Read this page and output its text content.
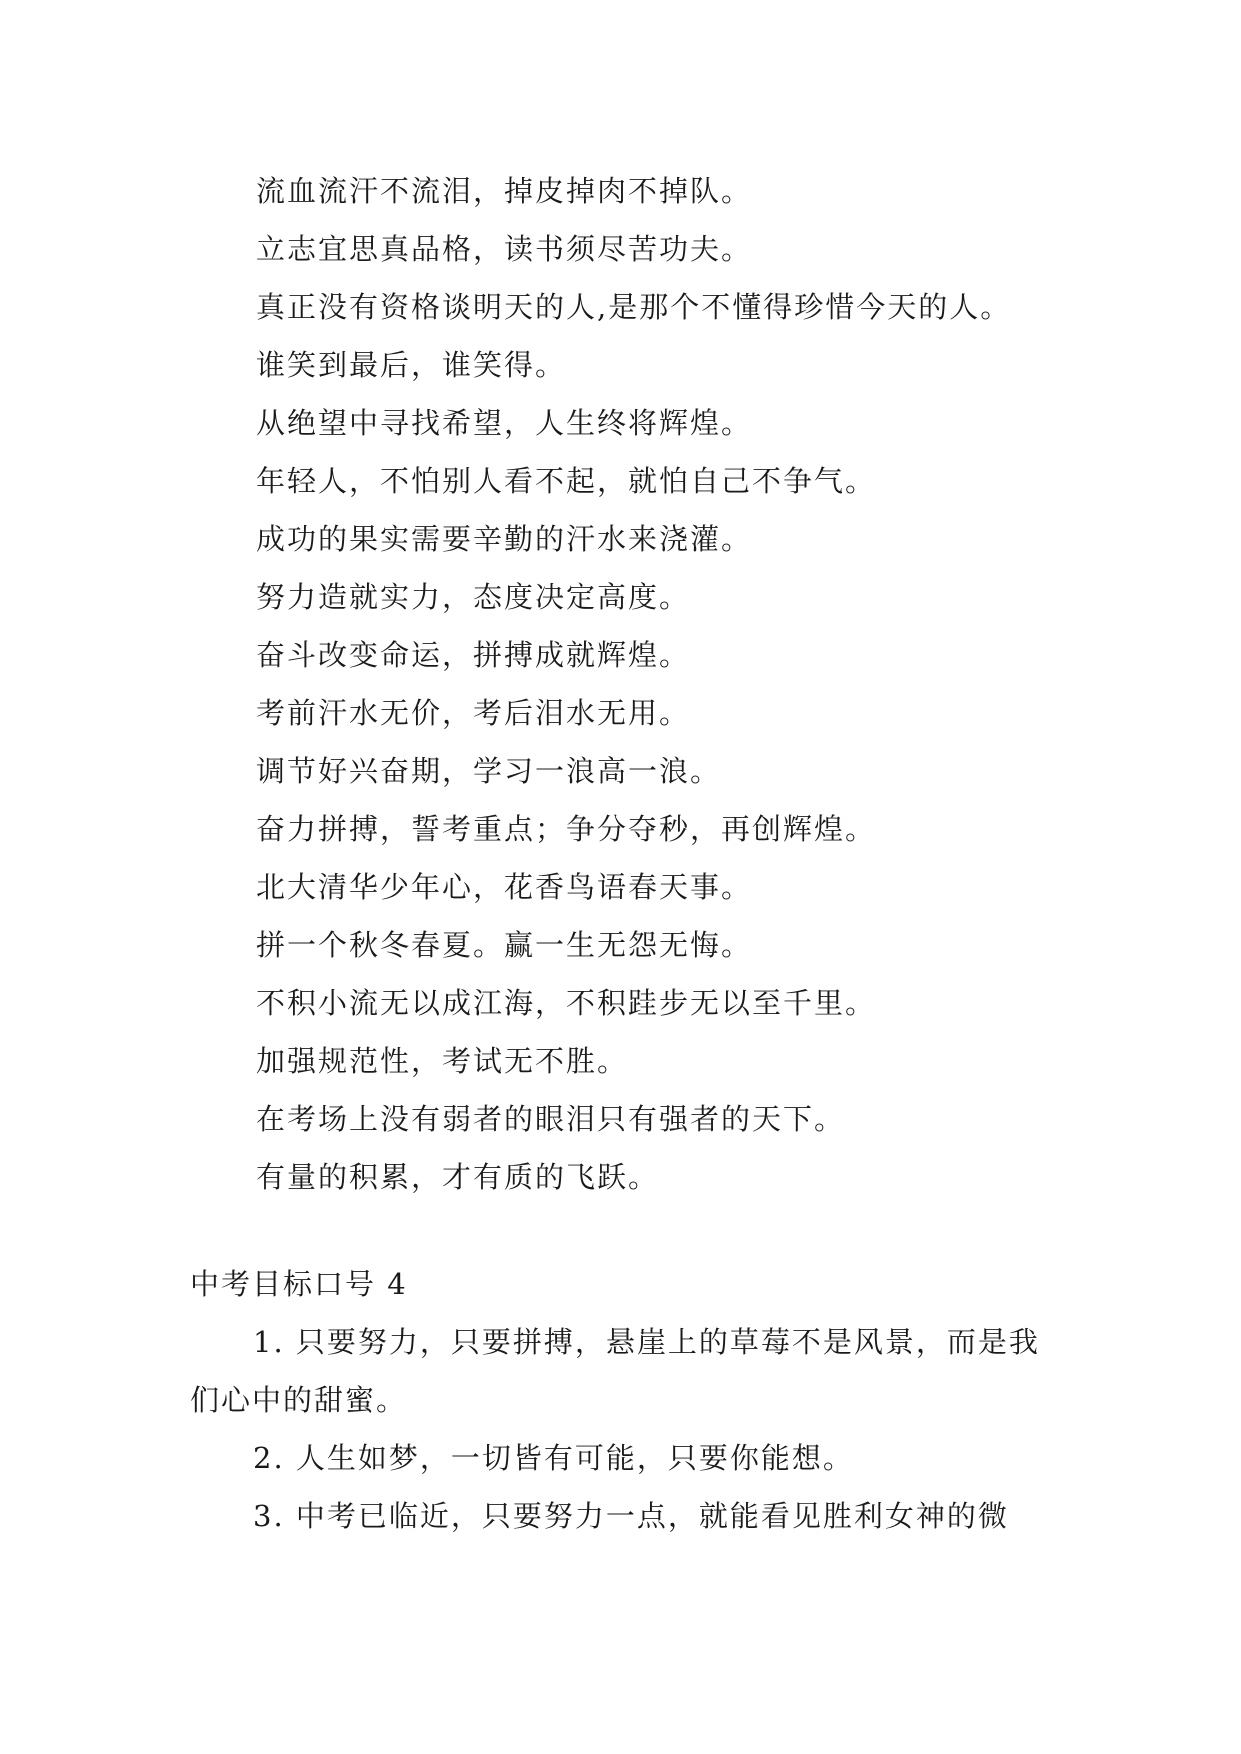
流血流汗不流泪，掉皮掉肉不掉队。
立志宜思真品格，读书须尽苦功夫。
真正没有资格谈明天的人,是那个不懂得珍惜今天的人。
谁笑到最后，谁笑得。
从绝望中寻找希望，人生终将辉煌。
年轻人，不怕别人看不起，就怕自己不争气。
成功的果实需要辛勤的汗水来浇灌。
努力造就实力，态度决定高度。
奋斗改变命运，拼搏成就辉煌。
考前汗水无价，考后泪水无用。
调节好兴奋期，学习一浪高一浪。
奋力拼搏，誓考重点；争分夺秒，再创辉煌。
北大清华少年心，花香鸟语春天事。
拼一个秋冬春夏。赢一生无怨无悔。
不积小流无以成江海，不积跬步无以至千里。
加强规范性，考试无不胜。
在考场上没有弱者的眼泪只有强者的天下。
有量的积累，才有质的飞跃。
中考目标口号 4
1. 只要努力，只要拼搏，悬崖上的草莓不是风景，而是我们心中的甜蜜。
2. 人生如梦，一切皆有可能，只要你能想。
3. 中考已临近，只要努力一点，就能看见胜利女神的微
